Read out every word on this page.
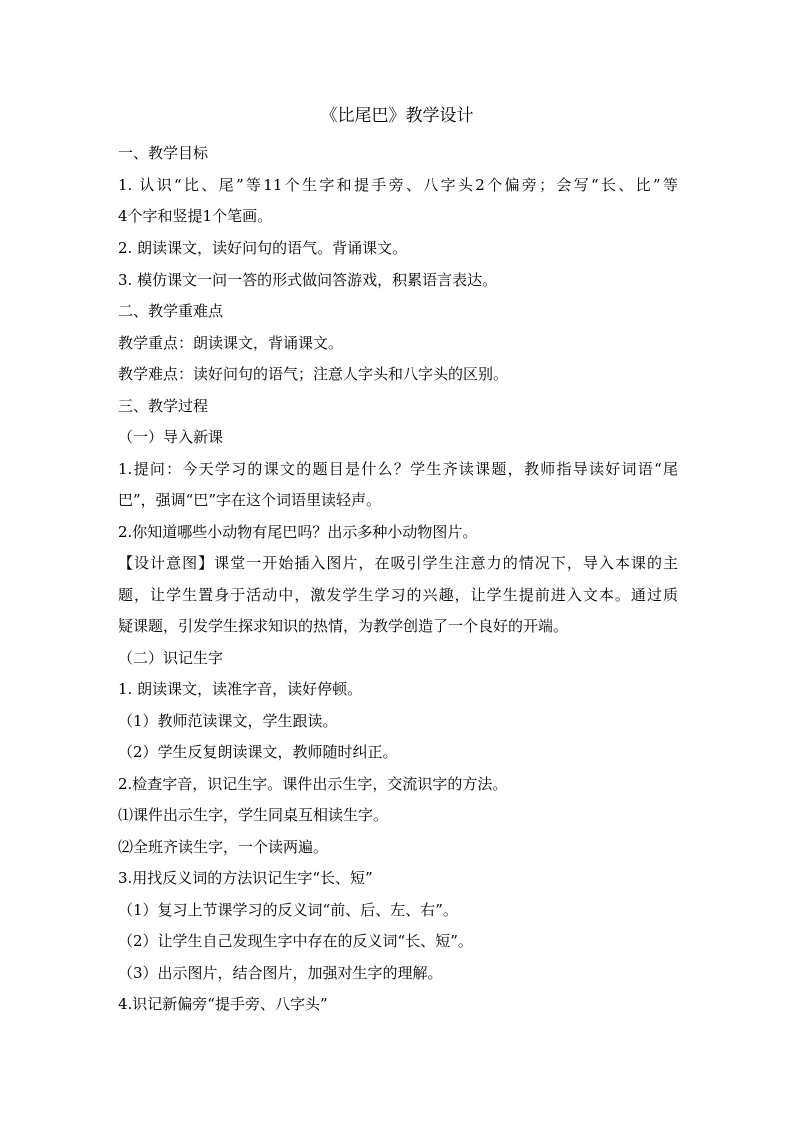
《比尾巴》教学设计
一、教学目标
1. 认识“比、尾”等11个生字和提手旁、八字头2个偏旁；会写“长、比”等
4个字和竖提1个笔画。
2. 朗读课文，读好问句的语气。背诵课文。
3. 模仿课文一问一答的形式做问答游戏，积累语言表达。
二、教学重难点
教学重点：朗读课文，背诵课文。
教学难点：读好问句的语气；注意人字头和八字头的区别。
三、教学过程
（一）导入新课
1.提问：今天学习的课文的题目是什么？学生齐读课题，教师指导读好词语“尾
巴”，强调“巴”字在这个词语里读轻声。
2.你知道哪些小动物有尾巴吗？出示多种小动物图片。
【设计意图】课堂一开始插入图片，在吸引学生注意力的情况下，导入本课的主
题，让学生置身于活动中，激发学生学习的兴趣，让学生提前进入文本。通过质
疑课题，引发学生探求知识的热情，为教学创造了一个良好的开端。
（二）识记生字
1. 朗读课文，读准字音，读好停顿。
（1）教师范读课文，学生跟读。
（2）学生反复朗读课文，教师随时纠正。
2.检查字音，识记生字。课件出示生字，交流识字的方法。
⑴课件出示生字，学生同桌互相读生字。
⑵全班齐读生字，一个读两遍。
3.用找反义词的方法识记生字“长、短”
（1）复习上节课学习的反义词“前、后、左、右”。
（2）让学生自己发现生字中存在的反义词“长、短”。
（3）出示图片，结合图片，加强对生字的理解。
4.识记新偏旁“提手旁、八字头”
